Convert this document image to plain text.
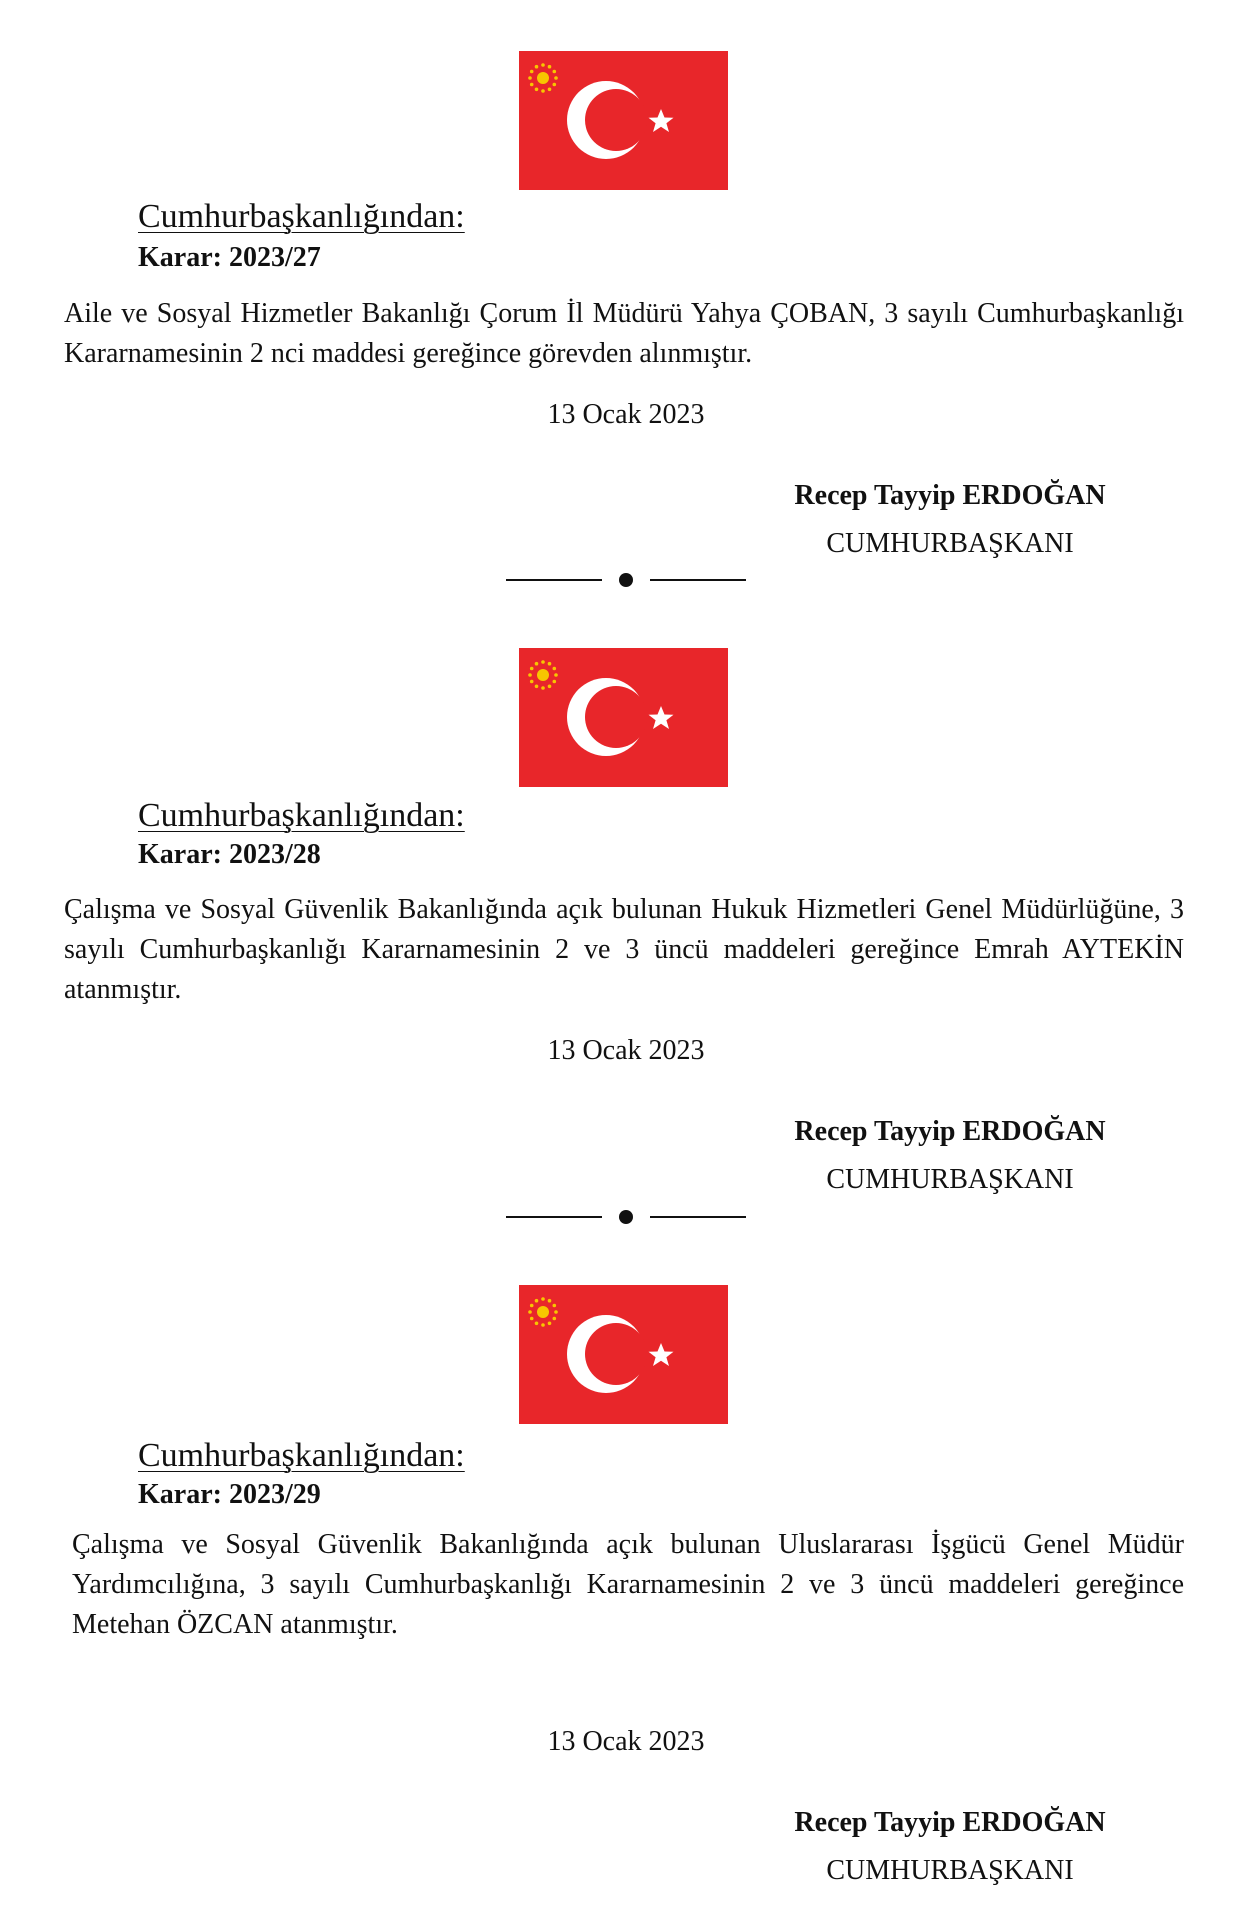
Cumhurbaşkanlığından:
Karar: 2023/27
Aile ve Sosyal Hizmetler Bakanlığı Çorum İl Müdürü Yahya ÇOBAN, 3 sayılı Cumhurbaşkanlığı Kararnamesinin 2 nci maddesi gereğince görevden alınmıştır.
13 Ocak 2023
Recep Tayyip ERDOĞAN
CUMHURBAŞKANI
Cumhurbaşkanlığından:
Karar: 2023/28
Çalışma ve Sosyal Güvenlik Bakanlığında açık bulunan Hukuk Hizmetleri Genel Müdürlüğüne, 3 sayılı Cumhurbaşkanlığı Kararnamesinin 2 ve 3 üncü maddeleri gereğince Emrah AYTEKİN atanmıştır.
13 Ocak 2023
Recep Tayyip ERDOĞAN
CUMHURBAŞKANI
Cumhurbaşkanlığından:
Karar: 2023/29
Çalışma ve Sosyal Güvenlik Bakanlığında açık bulunan Uluslararası İşgücü Genel Müdür Yardımcılığına, 3 sayılı Cumhurbaşkanlığı Kararnamesinin 2 ve 3 üncü maddeleri gereğince Metehan ÖZCAN atanmıştır.
13 Ocak 2023
Recep Tayyip ERDOĞAN
CUMHURBAŞKANI
